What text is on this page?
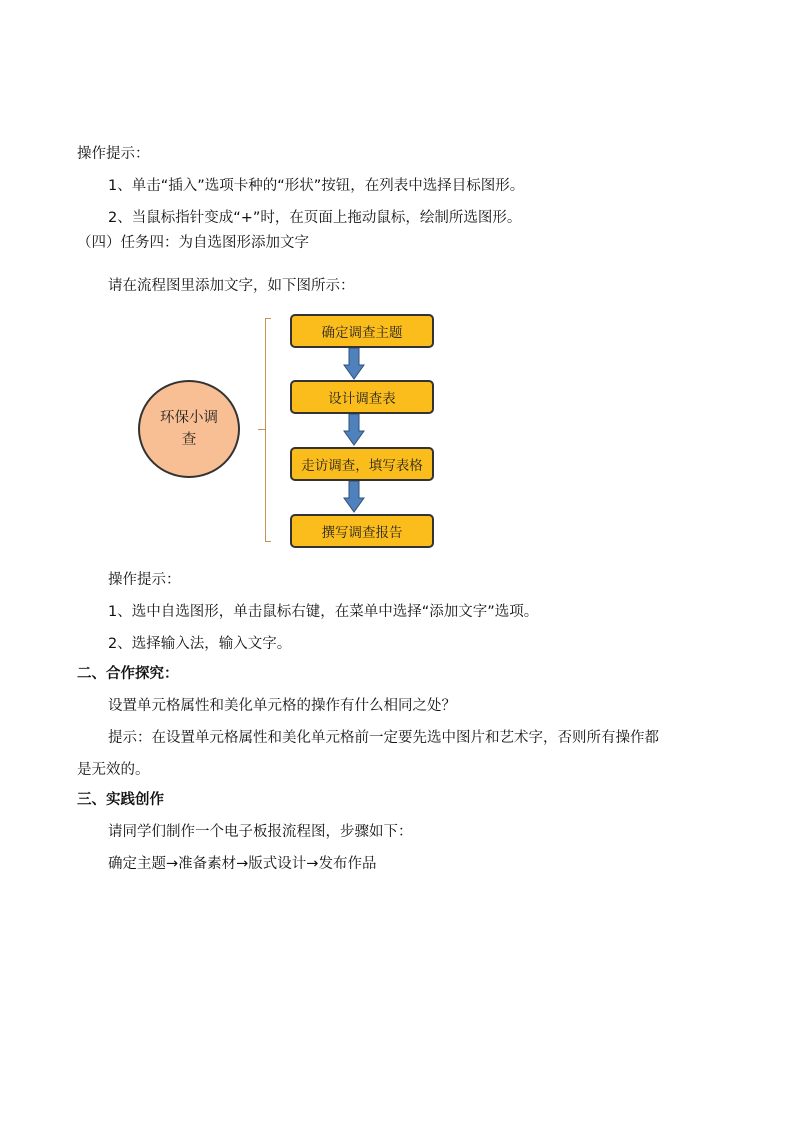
操作提示：
1、单击“插入”选项卡种的“形状”按钮，在列表中选择目标图形。
2、当鼠标指针变成“+”时，在页面上拖动鼠标，绘制所选图形。
（四）任务四：为自选图形添加文字
请在流程图里添加文字，如下图所示：
环保小调查
确定调查主题
设计调查表
走访调查，填写表格
撰写调查报告
操作提示：
1、选中自选图形，单击鼠标右键，在菜单中选择“添加文字”选项。
2、选择输入法，输入文字。
二、合作探究：
设置单元格属性和美化单元格的操作有什么相同之处？
提示：在设置单元格属性和美化单元格前一定要先选中图片和艺术字，否则所有操作都
是无效的。
三、实践创作
请同学们制作一个电子板报流程图，步骤如下：
确定主题→准备素材→版式设计→发布作品
